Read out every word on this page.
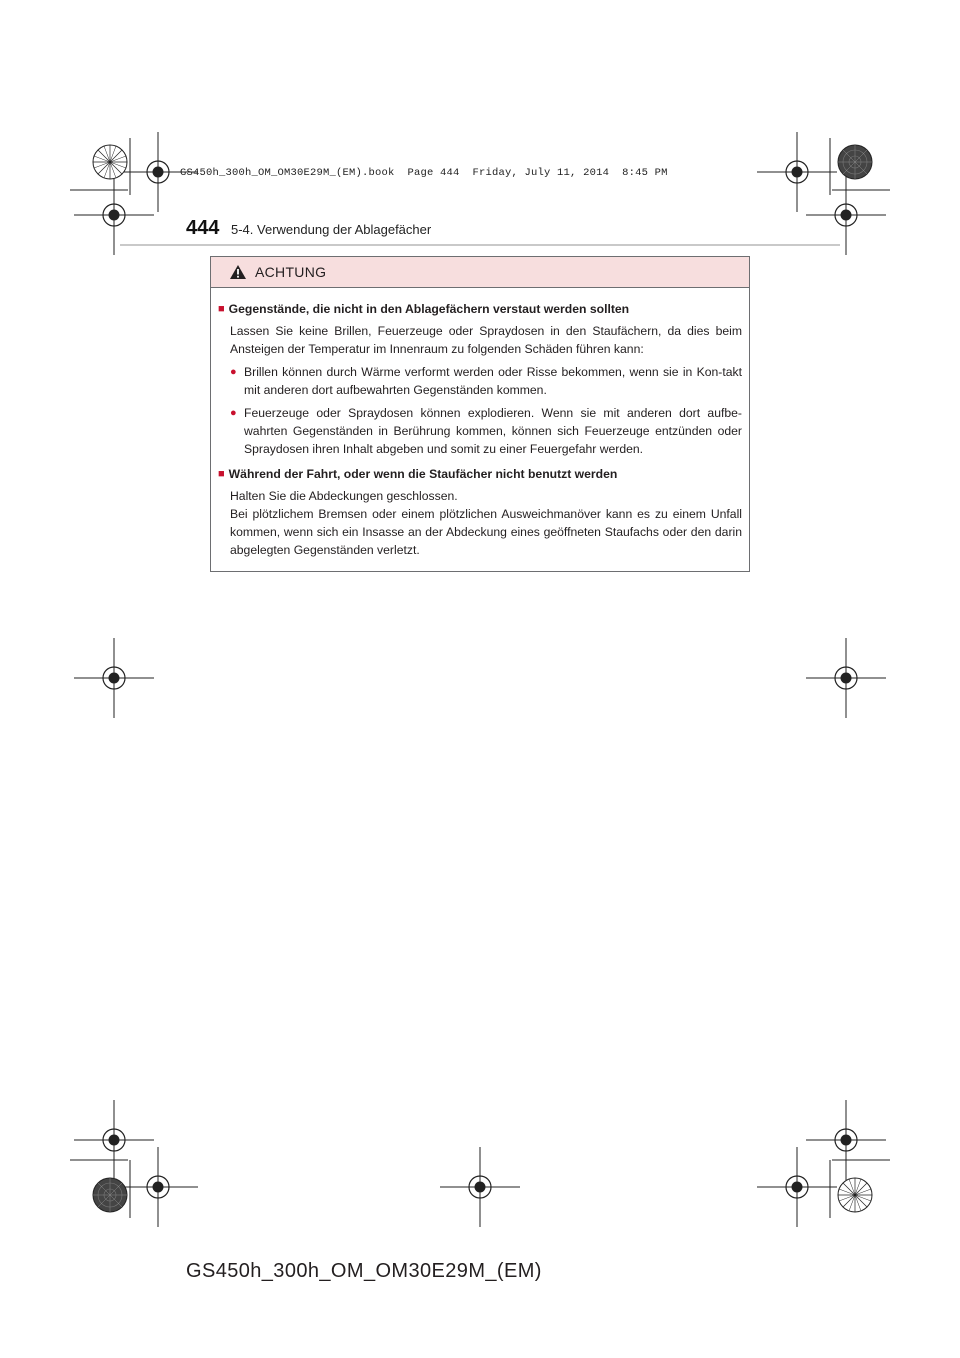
GS450h_300h_OM_OM30E29M_(EM).book  Page 444  Friday, July 11, 2014  8:45 PM
444 5-4. Verwendung der Ablagefächer
ACHTUNG
■ Gegenstände, die nicht in den Ablagefächern verstaut werden sollten
Lassen Sie keine Brillen, Feuerzeuge oder Spraydosen in den Staufächern, da dies beim Ansteigen der Temperatur im Innenraum zu folgenden Schäden führen kann:
● Brillen können durch Wärme verformt werden oder Risse bekommen, wenn sie in Kon-takt mit anderen dort aufbewahrten Gegenständen kommen.
● Feuerzeuge oder Spraydosen können explodieren. Wenn sie mit anderen dort aufbe-wahrten Gegenständen in Berührung kommen, können sich Feuerzeuge entzünden oder Spraydosen ihren Inhalt abgeben und somit zu einer Feuergefahr werden.
■ Während der Fahrt, oder wenn die Staufächer nicht benutzt werden
Halten Sie die Abdeckungen geschlossen.
Bei plötzlichem Bremsen oder einem plötzlichen Ausweichmanöver kann es zu einem Unfall kommen, wenn sich ein Insasse an der Abdeckung eines geöffneten Staufachs oder den darin abgelegten Gegenständen verletzt.
GS450h_300h_OM_OM30E29M_(EM)
